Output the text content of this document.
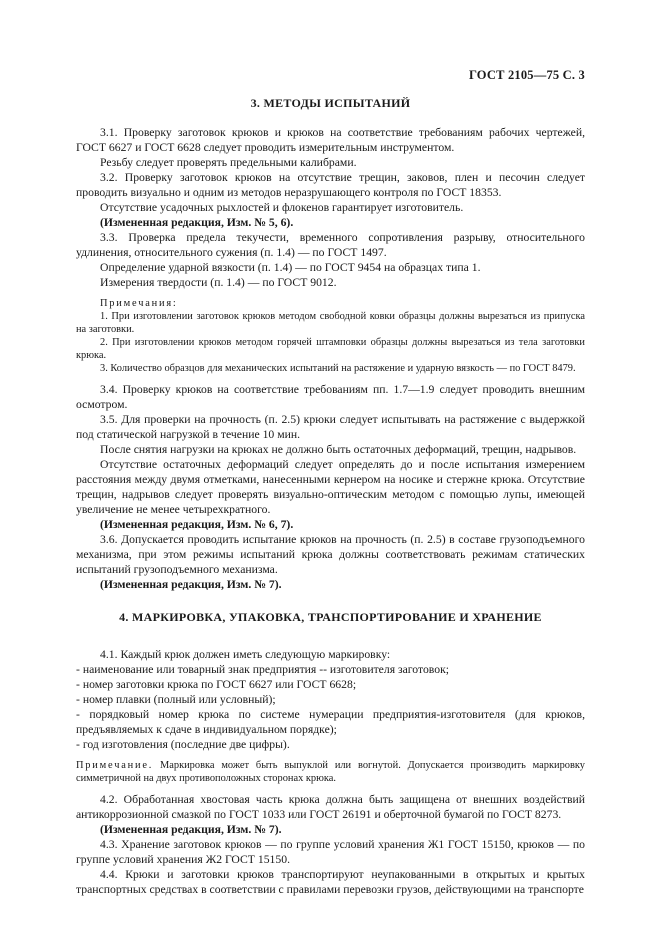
ГОСТ 2105—75 С. 3
3. МЕТОДЫ ИСПЫТАНИЙ

3.1. Проверку заготовок крюков и крюков на соответствие требованиям рабочих чертежей, ГОСТ 6627 и ГОСТ 6628 следует проводить измерительным инструментом.

Резьбу следует проверять предельными калибрами.

3.2. Проверку заготовок крюков на отсутствие трещин, заковов, плен и песочин следует проводить визуально и одним из методов неразрушающего контроля по ГОСТ 18353.

Отсутствие усадочных рыхлостей и флокенов гарантирует изготовитель.

(Измененная редакция, Изм. № 5, 6).

3.3. Проверка предела текучести, временного сопротивления разрыву, относительного удлинения, относительного сужения (п. 1.4) — по ГОСТ 1497.

Определение ударной вязкости (п. 1.4) — по ГОСТ 9454 на образцах типа 1.

Измерения твердости (п. 1.4) — по ГОСТ 9012.

Примечания:

1. При изготовлении заготовок крюков методом свободной ковки образцы должны вырезаться из припуска на заготовки.

2. При изготовлении крюков методом горячей штамповки образцы должны вырезаться из тела заготовки крюка.

3. Количество образцов для механических испытаний на растяжение и ударную вязкость — по ГОСТ 8479.

3.4. Проверку крюков на соответствие требованиям пп. 1.7—1.9 следует проводить внешним осмотром.

3.5. Для проверки на прочность (п. 2.5) крюки следует испытывать на растяжение с выдержкой под статической нагрузкой в течение 10 мин.

После снятия нагрузки на крюках не должно быть остаточных деформаций, трещин, надрывов.

Отсутствие остаточных деформаций следует определять до и после испытания измерением расстояния между двумя отметками, нанесенными кернером на носике и стержне крюка. Отсутствие трещин, надрывов следует проверять визуально-оптическим методом с помощью лупы, имеющей увеличение не менее четырехкратного.

(Измененная редакция, Изм. № 6, 7).

3.6. Допускается проводить испытание крюков на прочность (п. 2.5) в составе грузоподъемного механизма, при этом режимы испытаний крюка должны соответствовать режимам статических испытаний грузоподъемного механизма.

(Измененная редакция, Изм. № 7).

4. МАРКИРОВКА, УПАКОВКА, ТРАНСПОРТИРОВАНИЕ И ХРАНЕНИЕ

4.1. Каждый крюк должен иметь следующую маркировку:

- наименование или товарный знак предприятия -- изготовителя заготовок;

- номер заготовки крюка по ГОСТ 6627 или ГОСТ 6628;

- номер плавки (полный или условный);

- порядковый номер крюка по системе нумерации предприятия-изготовителя (для крюков, предъявляемых к сдаче в индивидуальном порядке);

- год изготовления (последние две цифры).

Примечание. Маркировка может быть выпуклой или вогнутой. Допускается производить маркировку симметричной на двух противоположных сторонах крюка.

4.2. Обработанная хвостовая часть крюка должна быть защищена от внешних воздействий антикоррозионной смазкой по ГОСТ 1033 или ГОСТ 26191 и оберточной бумагой по ГОСТ 8273.

(Измененная редакция, Изм. № 7).

4.3. Хранение заготовок крюков — по группе условий хранения Ж1 ГОСТ 15150, крюков — по группе условий хранения Ж2 ГОСТ 15150.

4.4. Крюки и заготовки крюков транспортируют неупакованными в открытых и крытых транспортных средствах в соответствии с правилами перевозки грузов, действующими на транспорте
